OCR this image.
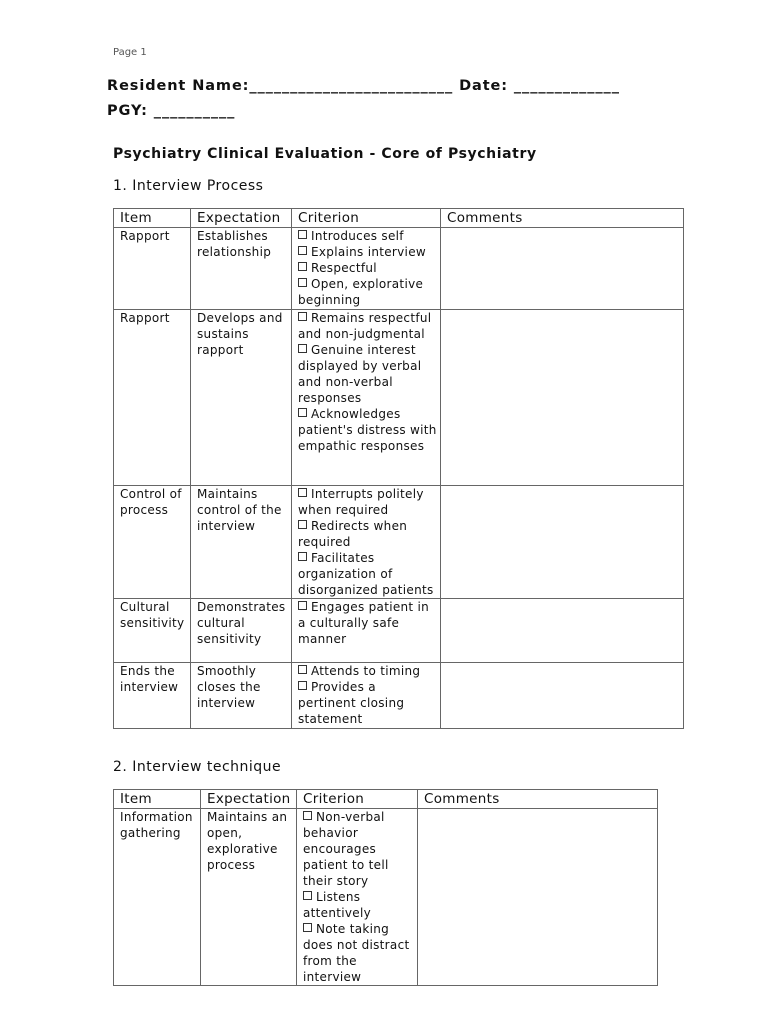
Page 1
Resident Name:_________________________ Date: _____________
PGY: __________
Psychiatry Clinical Evaluation - Core of Psychiatry
1. Interview Process
Item	Expectation	Criterion	Comments
Rapport	Establishes relationship	Introduces self
Explains interview
Respectful
Open, explorative beginning	

Rapport	Develops and sustains rapport	Remains respectful and non-judgmental
Genuine interest displayed by verbal and non-verbal responses
Acknowledges patient's distress with empathic responses	

Control of process	Maintains control of the interview	Interrupts politely when required
Redirects when required
Facilitates organization of disorganized patients	

Cultural sensitivity	Demonstrates cultural sensitivity	Engages patient in a culturally safe manner	

Ends the interview	Smoothly closes the interview	Attends to timing
Provides a pertinent closing statement	

2. Interview technique
Item	Expectation	Criterion	Comments
Information gathering	Maintains an open, explorative process	Non-verbal behavior encourages patient to tell their story
Listens attentively
Note taking does not distract from the interview	
